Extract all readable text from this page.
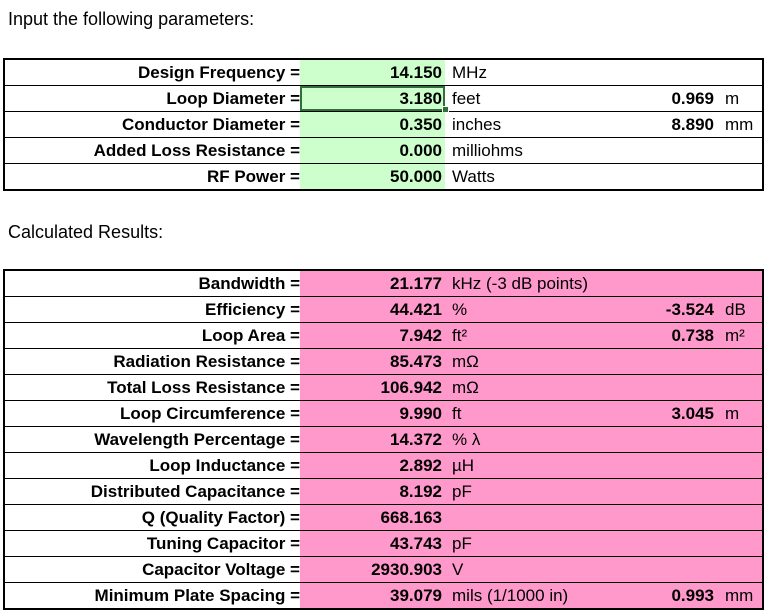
Input the following parameters:
Design Frequency =	14.150 MHz
Loop Diameter =	3.180 feet	0.969 m
Conductor Diameter =	0.350 inches	8.890 mm
Added Loss Resistance =	0.000 milliohms
RF Power =	50.000 Watts
Calculated Results:
Bandwidth =	21.177 kHz (-3 dB points)
Efficiency =	44.421 %	-3.524 dB
Loop Area =	7.942 ft²	0.738 m²
Radiation Resistance =	85.473 mΩ
Total Loss Resistance =	106.942 mΩ
Loop Circumference =	9.990 ft	3.045 m
Wavelength Percentage =	14.372 % λ
Loop Inductance =	2.892 µH
Distributed Capacitance =	8.192 pF
Q (Quality Factor) =	668.163
Tuning Capacitor =	43.743 pF
Capacitor Voltage =	2930.903 V
Minimum Plate Spacing =	39.079 mils (1/1000 in)	0.993 mm
